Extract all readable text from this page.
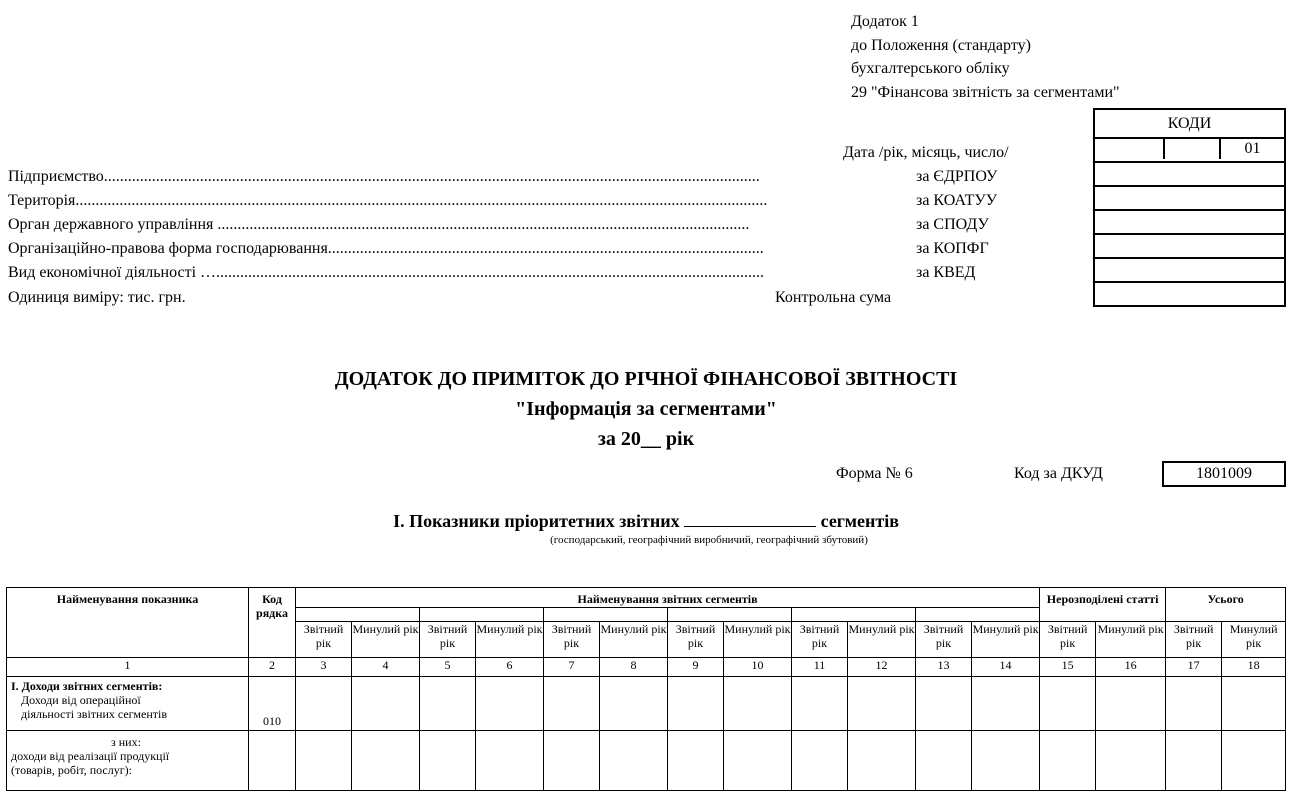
Додаток 1
до Положення (стандарту)
бухгалтерського обліку
29 "Фінансова звітність за сегментами"
КОДИ
01
Дата /рік, місяць, число/
Підприємство....................................................................................................................................................................	за ЄДРПОУ
Територія.............................................................................................................................................................................	за КОАТУУ
Орган державного управління .....................................................................................................................................	за СПОДУ
Організаційно-правова форма господарювання.............................................................................................................	за КОПФГ
Вид економічної діяльності ….........................................................................................................................................	за КВЕД
Одиниця виміру: тис. грн.	Контрольна сума
ДОДАТОК ДО ПРИМІТОК ДО РІЧНОЇ ФІНАНСОВОЇ ЗВІТНОСТІ
"Інформація за сегментами"
за 20__ рік
Форма № 6	Код за ДКУД	1801009
І. Показники пріоритетних звітних	сегментів
(господарський, географічний виробничий, географічний збутовий)
Найменування показника	Код рядка	Найменування звітних сегментів												Нерозподілені статті		Усього		

		Звітний рік	Минулий рік	Звітний рік	Минулий рік	Звітний рік	Минулий рік	Звітний рік	Минулий рік	Звітний рік	Минулий рік	Звітний рік	Минулий рік	Звітний рік	Минулий рік	Звітний рік	Минулий рік	
1	2	3	4	5	6	7	8	9	10	11	12	13	14	15	16	17	18	

І. Доходи звітних сегментів:
Доходи від операційної діяльності звітних сегментів	010																		

з них:
доходи від реалізації продукції (товарів, робіт, послуг):																		
